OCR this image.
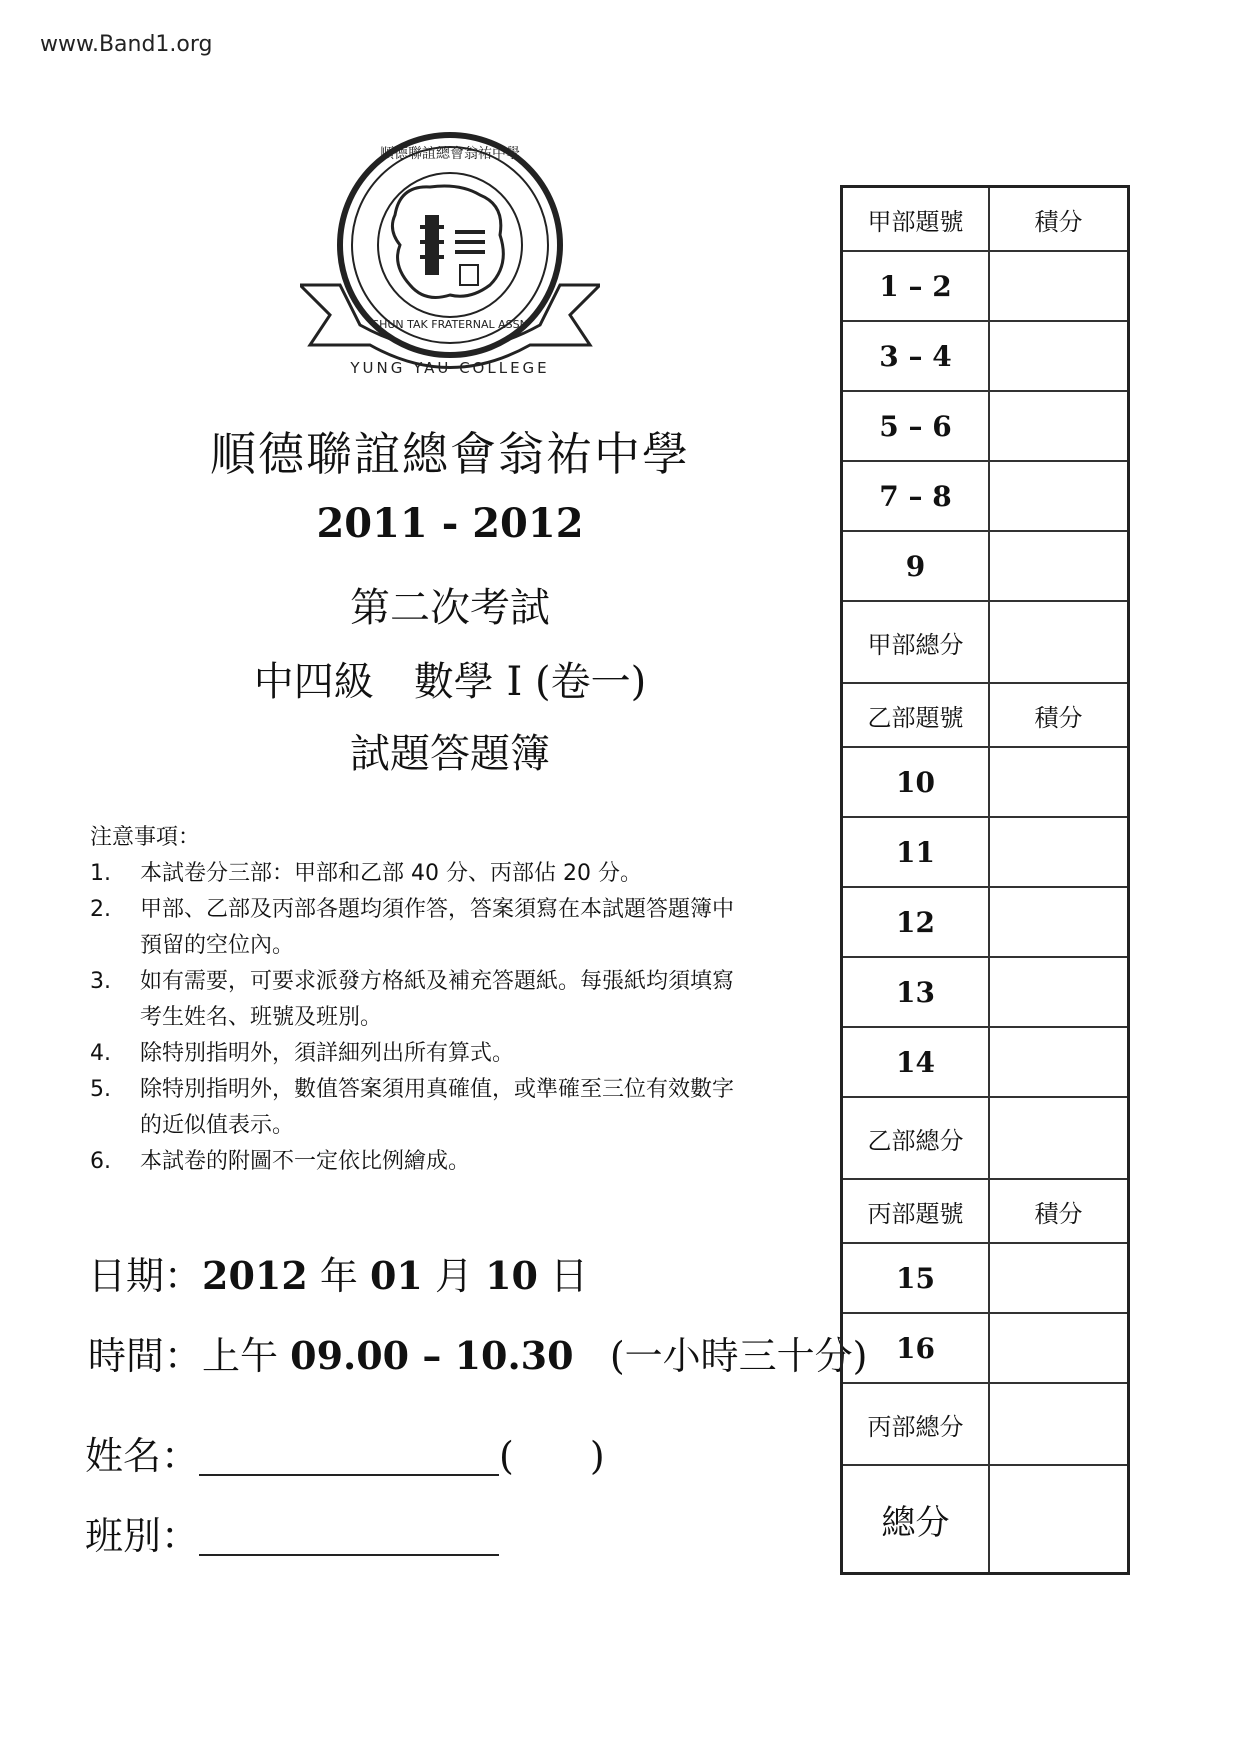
www.Band1.org
YUNG YAU COLLEGE
順德聯誼總會翁祐中學
SHUN TAK FRATERNAL ASSN
順德聯誼總會翁祐中學
2011 - 2012
第二次考試
中四級　數學 I (卷一)
試題答題簿
注意事項：
1.	本試卷分三部：甲部和乙部 40 分、丙部佔 20 分。
2.	甲部、乙部及丙部各題均須作答，答案須寫在本試題答題簿中預留的空位內。
3.	如有需要，可要求派發方格紙及補充答題紙。每張紙均須填寫考生姓名、班號及班別。
4.	除特別指明外，須詳細列出所有算式。
5.	除特別指明外，數值答案須用真確值，或準確至三位有效數字的近似值表示。
6.	本試卷的附圖不一定依比例繪成。
日期：2012 年 01 月 10 日
時間：上午 09.00 – 10.30 (一小時三十分)
姓名：	(　　)
班別：
甲部題號	積分
1 – 2	
3 – 4	
5 – 6	
7 – 8	
9	
甲部總分	
乙部題號	積分
10	
11	
12	
13	
14	
乙部總分	
丙部題號	積分
15	
16	
丙部總分	
總分	
